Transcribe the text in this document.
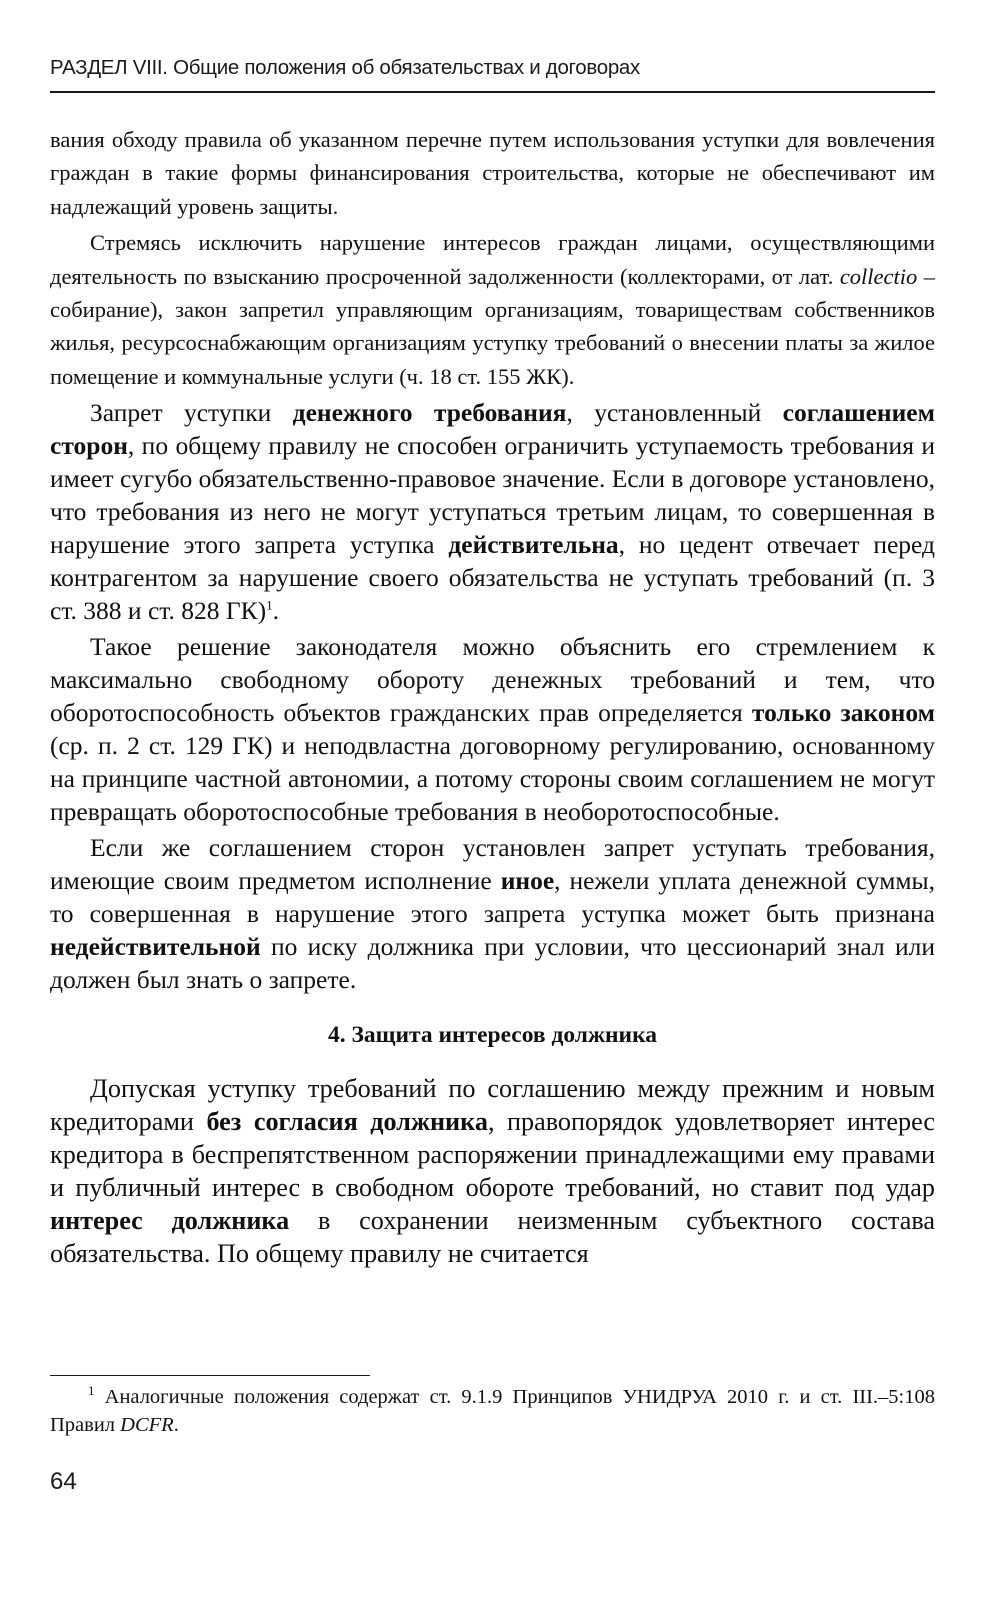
РАЗДЕЛ VIII. Общие положения об обязательствах и договорах

вания обходу правила об указанном перечне путем использования уступки для вовлечения граждан в такие формы финансирования строительства, которые не обеспечивают им надлежащий уровень защиты.

Стремясь исключить нарушение интересов граждан лицами, осуществляющими деятельность по взысканию просроченной задолженности (коллекторами, от лат. collectio – собирание), закон запретил управляющим организациям, товариществам собственников жилья, ресурсоснабжающим организациям уступку требований о внесении платы за жилое помещение и коммунальные услуги (ч. 18 ст. 155 ЖК).

Запрет уступки денежного требования, установленный соглашением сторон, по общему правилу не способен ограничить уступаемость требования и имеет сугубо обязательственно-правовое значение. Если в договоре установлено, что требования из него не могут уступаться третьим лицам, то совершенная в нарушение этого запрета уступка действительна, но цедент отвечает перед контрагентом за нарушение своего обязательства не уступать требований (п. 3 ст. 388 и ст. 828 ГК)$^1$.

Такое решение законодателя можно объяснить его стремлением к максимально свободному обороту денежных требований и тем, что оборотоспособность объектов гражданских прав определяется только законом (ср. п. 2 ст. 129 ГК) и неподвластна договорному регулированию, основанному на принципе частной автономии, а потому стороны своим соглашением не могут превращать оборотоспособные требования в необоротоспособные.

Если же соглашением сторон установлен запрет уступать требования, имеющие своим предметом исполнение иное, нежели уплата денежной суммы, то совершенная в нарушение этого запрета уступка может быть признана недействительной по иску должника при условии, что цессионарий знал или должен был знать о запрете.

4. Защита интересов должника

Допуская уступку требований по соглашению между прежним и новым кредиторами без согласия должника, правопорядок удовлетворяет интерес кредитора в беспрепятственном распоряжении принадлежащими ему правами и публичный интерес в свободном обороте требований, но ставит под удар интерес должника в сохранении неизменным субъектного состава обязательства. По общему правилу не считается

$^1$ Аналогичные положения содержат ст. 9.1.9 Принципов УНИДРУА 2010 г. и ст. III.–5:108 Правил DCFR.

64
